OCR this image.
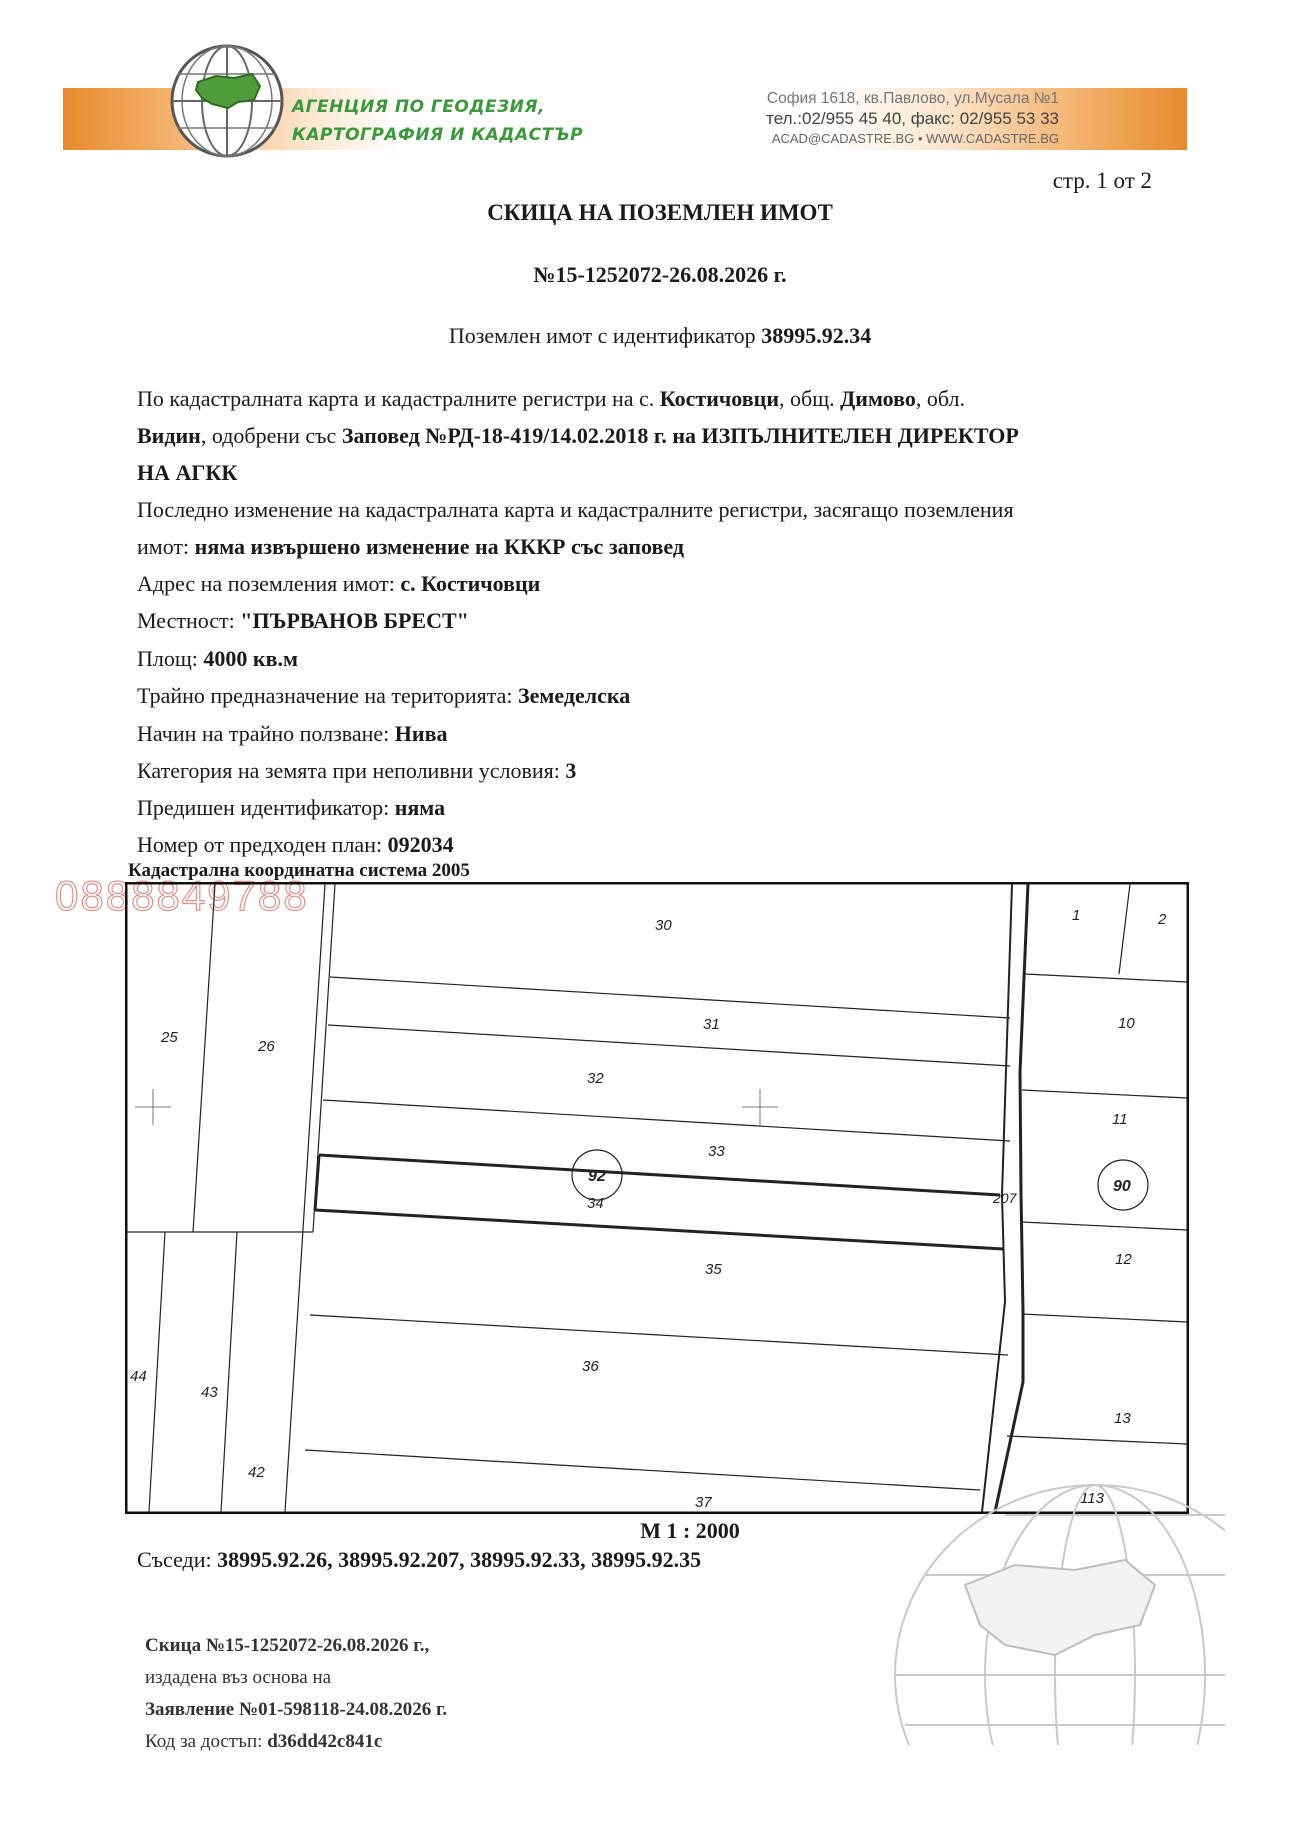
АГЕНЦИЯ ПО ГЕОДЕЗИЯ,
КАРТОГРАФИЯ И КАДАСТЪР
София 1618, кв.Павлово, ул.Мусала №1
тел.:02/955 45 40, факс: 02/955 53 33
ACAD@CADASTRE.BG • WWW.CADASTRE.BG
стр. 1 от 2
СКИЦА НА ПОЗЕМЛЕН ИМОТ
№15-1252072-26.08.2026 г.
Поземлен имот с идентификатор 38995.92.34
По кадастралната карта и кадастралните регистри на с. Костичовци, общ. Димово, обл.
Видин, одобрени със Заповед №РД-18-419/14.02.2018 г. на ИЗПЪЛНИТЕЛЕН ДИРЕКТОР
НА АГКК
Последно изменение на кадастралната карта и кадастралните регистри, засягащо поземления
имот: няма извършено изменение на КККР със заповед
Адрес на поземления имот: с. Костичовци
Местност: "ПЪРВАНОВ БРЕСТ"
Площ: 4000 кв.м
Трайно предназначение на територията: Земеделска
Начин на трайно ползване: Нива
Категория на земята при неполивни условия: 3
Предишен идентификатор: няма
Номер от предходен план: 092034
Кадастрална координатна система 2005
0888849788
30
31
32
33
34
35
36
37
25
26
44
43
42
1	2
10
11
12
13
113
207
92
90
М 1 : 2000
Съседи: 38995.92.26, 38995.92.207, 38995.92.33, 38995.92.35
Скица №15-1252072-26.08.2026 г.,
издадена въз основа на
Заявление №01-598118-24.08.2026 г.
Код за достъп: d36dd42c841c
